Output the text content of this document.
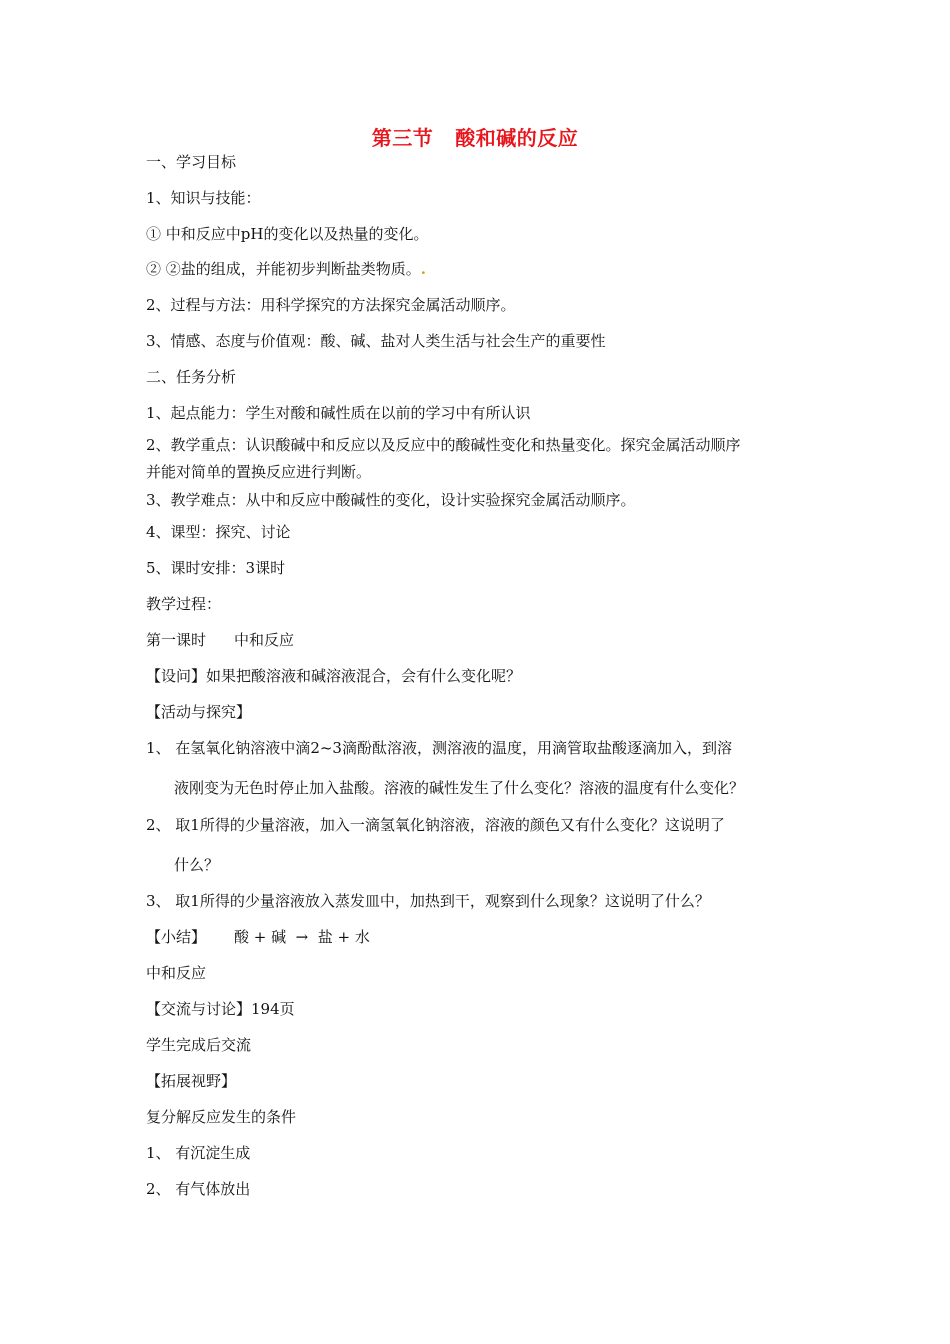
第三节 酸和碱的反应
一、学习目标
1、知识与技能：
① 中和反应中pH的变化以及热量的变化。
② ②盐的组成，并能初步判断盐类物质。.
2、过程与方法：用科学探究的方法探究金属活动顺序。
3、情感、态度与价值观：酸、碱、盐对人类生活与社会生产的重要性
二、任务分析
1、起点能力：学生对酸和碱性质在以前的学习中有所认识
2、教学重点：认识酸碱中和反应以及反应中的酸碱性变化和热量变化。探究金属活动顺序
并能对简单的置换反应进行判断。
3、教学难点：从中和反应中酸碱性的变化，设计实验探究金属活动顺序。
4、课型：探究、讨论
5、课时安排：3课时
教学过程：
第一课时 中和反应
【设问】如果把酸溶液和碱溶液混合，会有什么变化呢？
【活动与探究】
1、 在氢氧化钠溶液中滴2~3滴酚酞溶液，测溶液的温度，用滴管取盐酸逐滴加入，到溶
液刚变为无色时停止加入盐酸。溶液的碱性发生了什么变化？溶液的温度有什么变化？
2、 取1所得的少量溶液，加入一滴氢氧化钠溶液，溶液的颜色又有什么变化？这说明了
什么？
3、 取1所得的少量溶液放入蒸发皿中，加热到干，观察到什么现象？这说明了什么？
【小结】 酸 + 碱  →  盐 + 水
中和反应
【交流与讨论】194页
学生完成后交流
【拓展视野】
复分解反应发生的条件
1、 有沉淀生成
2、 有气体放出
